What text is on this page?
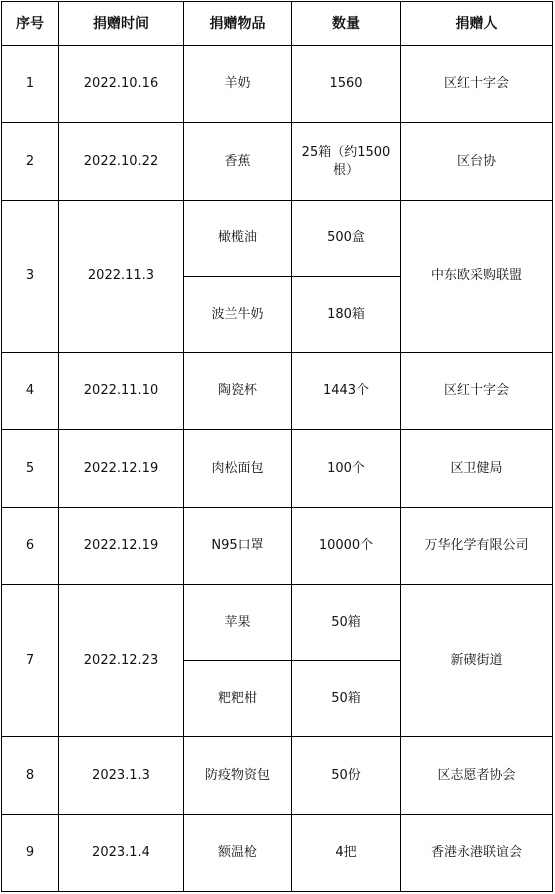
序号	捐赠时间	捐赠物品	数量	捐赠人
1	2022.10.16	羊奶	1560	区红十字会
2	2022.10.22	香蕉	25箱（约1500根）	区台协
3	2022.11.3	橄榄油	500盒	中东欧采购联盟
		波兰牛奶	180箱	
4	2022.11.10	陶瓷杯	1443个	区红十字会
5	2022.12.19	肉松面包	100个	区卫健局
6	2022.12.19	N95口罩	10000个	万华化学有限公司
7	2022.12.23	苹果	50箱	新碶街道
		粑粑柑	50箱	
8	2023.1.3	防疫物资包	50份	区志愿者协会
9	2023.1.4	额温枪	4把	香港永港联谊会
